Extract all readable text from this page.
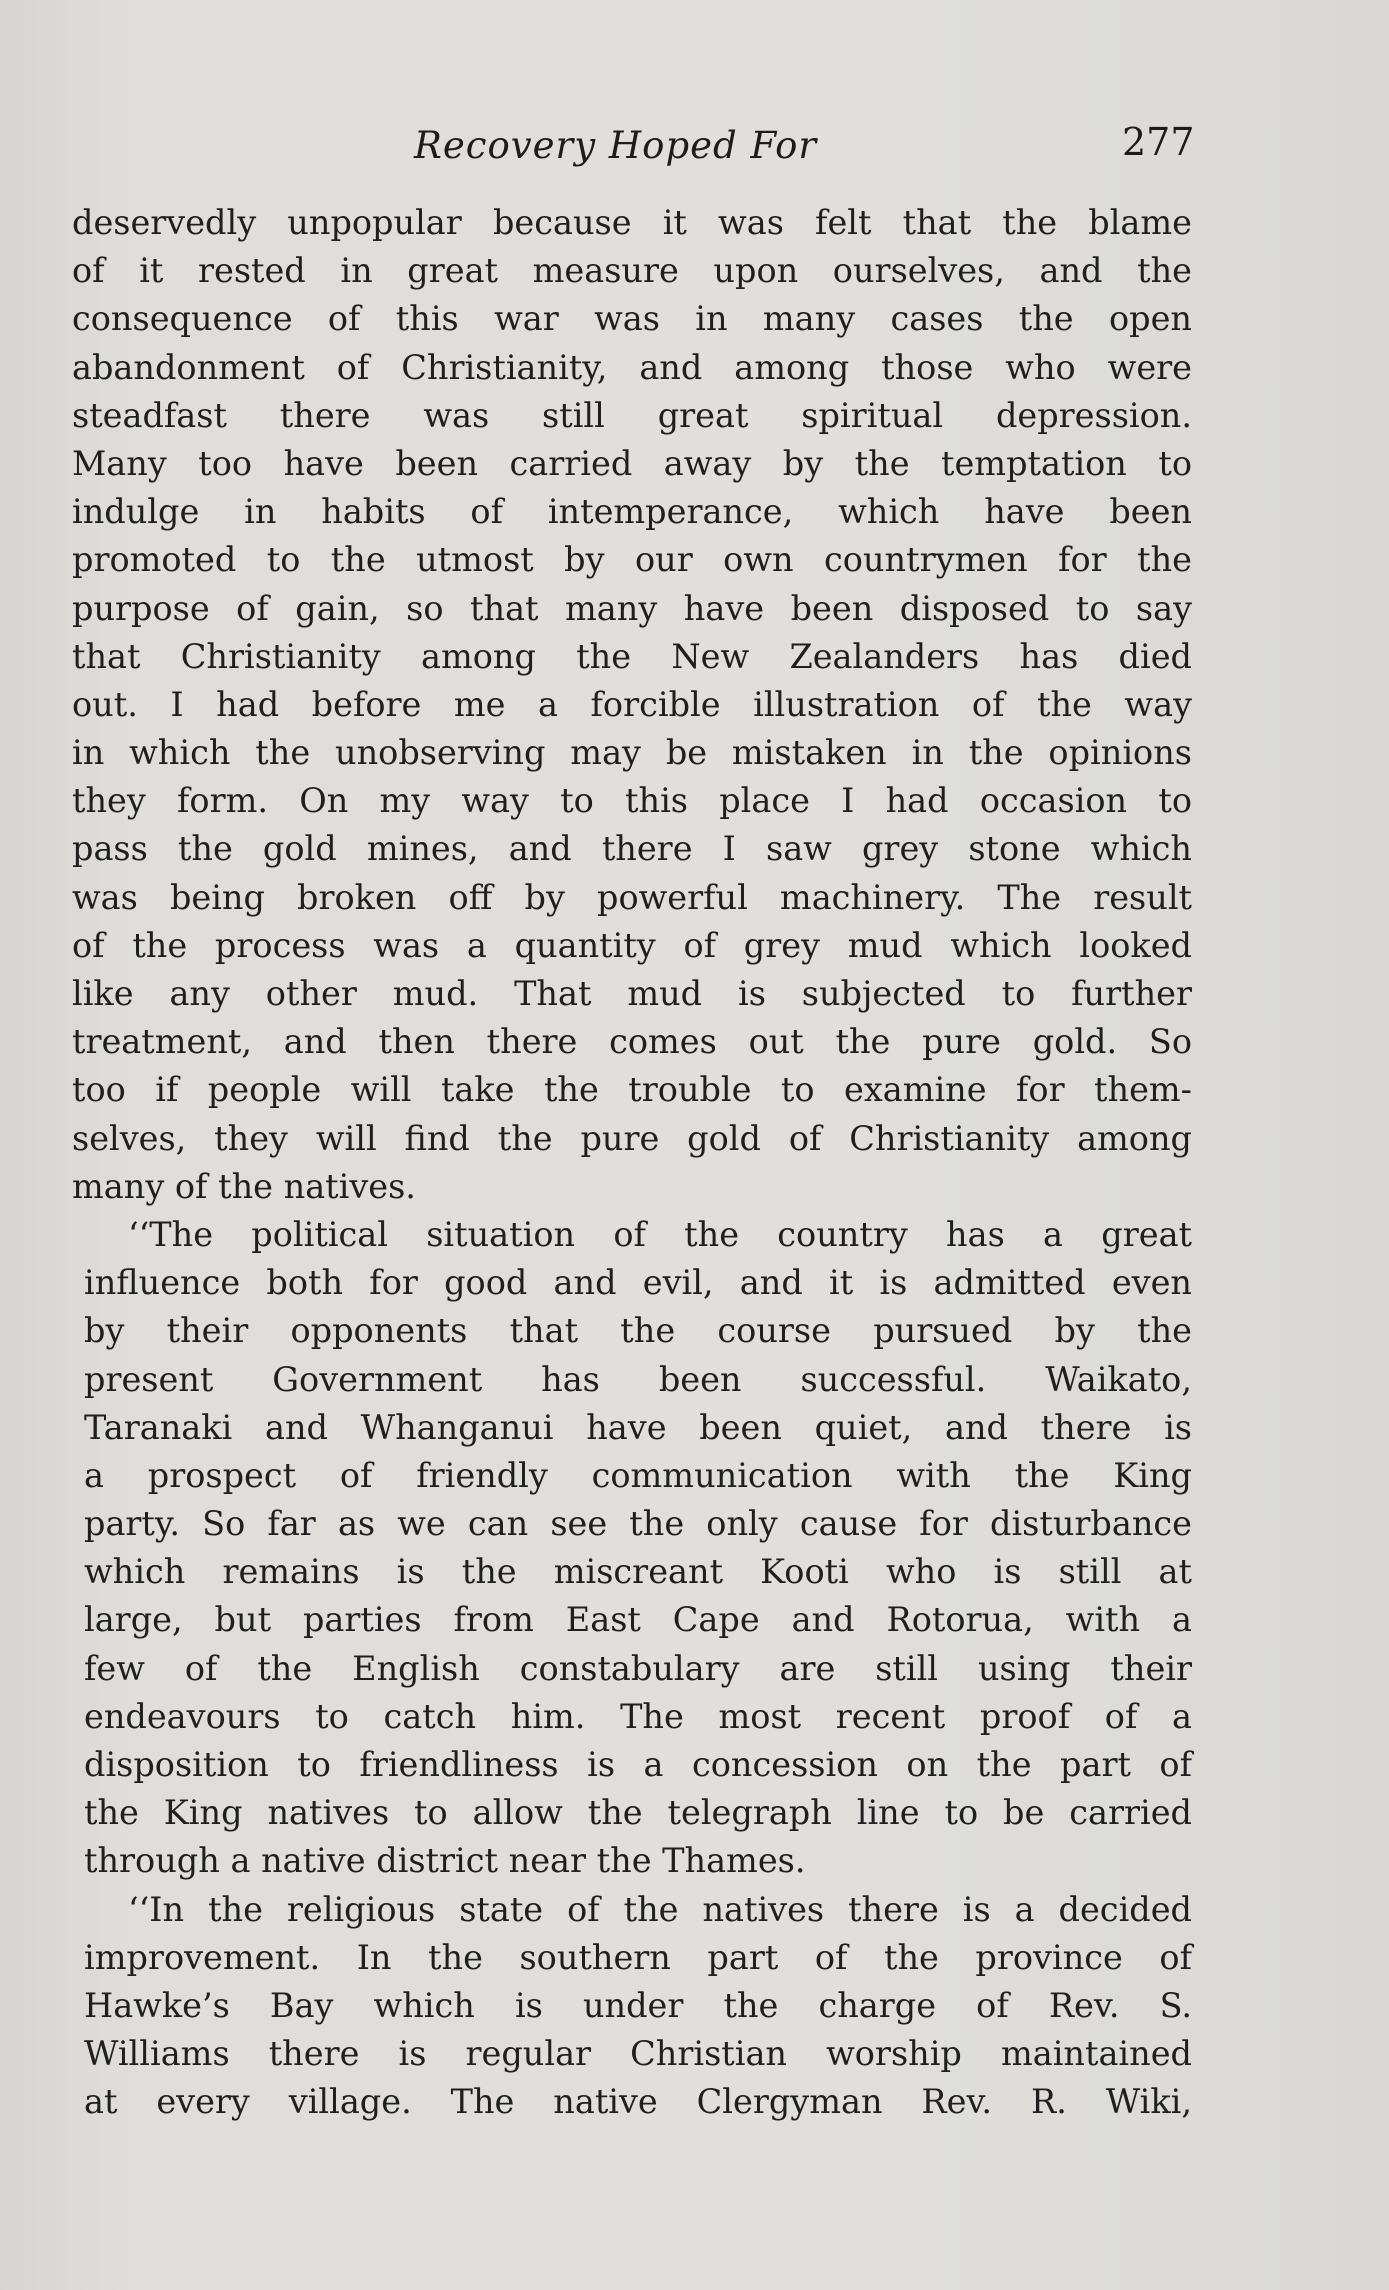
Recovery Hoped For	277
deservedly unpopular because it was felt that the blame
of it rested in great measure upon ourselves, and the
consequence of this war was in many cases the open
abandonment of Christianity, and among those who were
steadfast there was still great spiritual depression.
Many too have been carried away by the temptation to
indulge in habits of intemperance, which have been
promoted to the utmost by our own countrymen for the
purpose of gain, so that many have been disposed to say
that Christianity among the New Zealanders has died
out. I had before me a forcible illustration of the way
in which the unobserving may be mistaken in the opinions
they form. On my way to this place I had occasion to
pass the gold mines, and there I saw grey stone which
was being broken off by powerful machinery. The result
of the process was a quantity of grey mud which looked
like any other mud. That mud is subjected to further
treatment, and then there comes out the pure gold. So
too if people will take the trouble to examine for them-
selves, they will find the pure gold of Christianity among
many of the natives.
‘‘The political situation of the country has a great
influence both for good and evil, and it is admitted even
by their opponents that the course pursued by the
present Government has been successful. Waikato,
Taranaki and Whanganui have been quiet, and there is
a prospect of friendly communication with the King
party. So far as we can see the only cause for disturbance
which remains is the miscreant Kooti who is still at
large, but parties from East Cape and Rotorua, with a
few of the English constabulary are still using their
endeavours to catch him. The most recent proof of a
disposition to friendliness is a concession on the part of
the King natives to allow the telegraph line to be carried
through a native district near the Thames.
‘‘In the religious state of the natives there is a decided
improvement. In the southern part of the province of
Hawke’s Bay which is under the charge of Rev. S.
Williams there is regular Christian worship maintained
at every village. The native Clergyman Rev. R. Wiki,
